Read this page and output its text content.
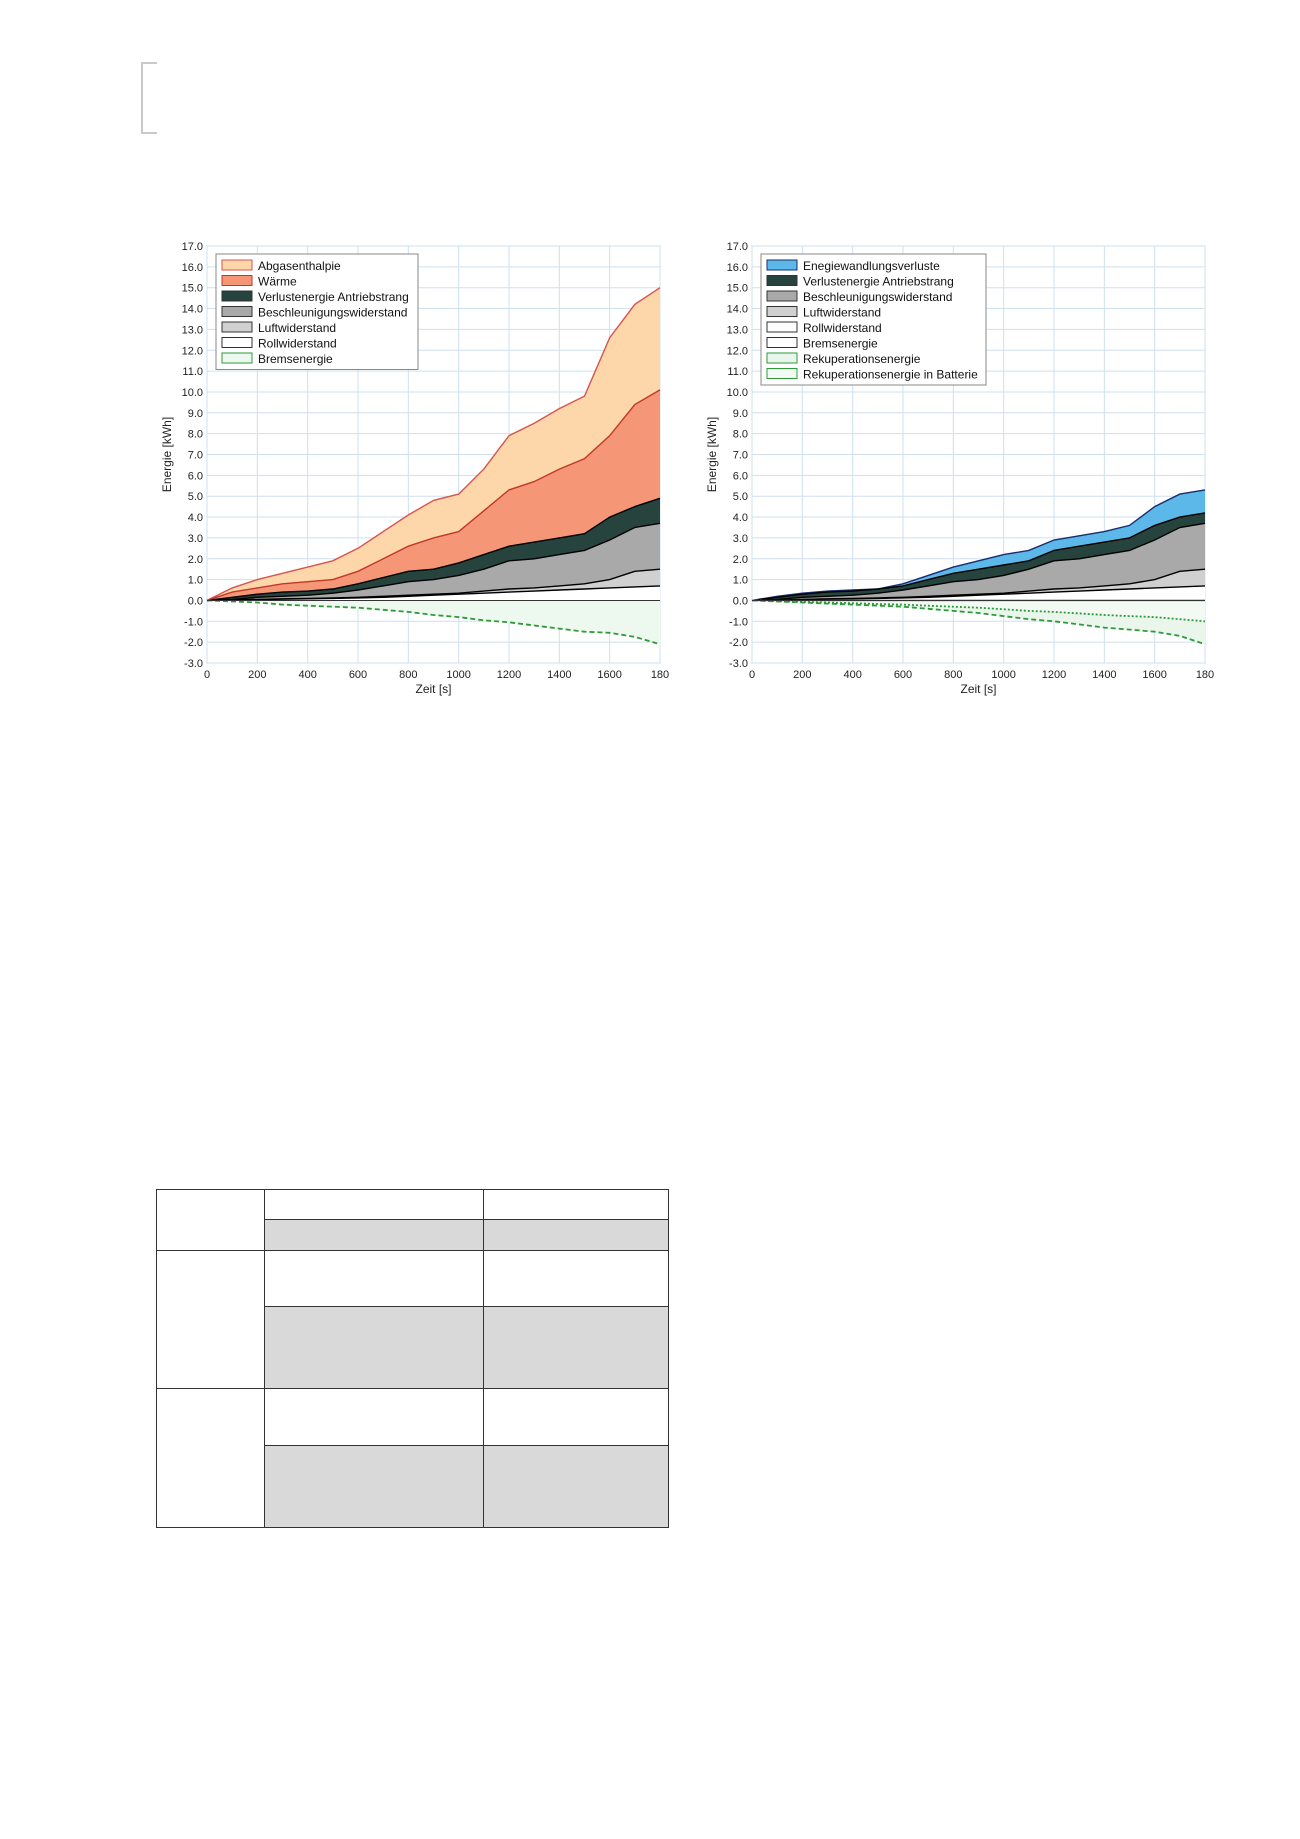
-3.0
-2.0
-1.0
0.0
1.0
2.0
3.0
4.0
5.0
6.0
7.0
8.0
9.0
10.0
11.0
12.0
13.0
14.0
15.0
16.0
17.0
0	200	400	600	800	1000 1200 1400 1600	180
Zeit [s]
Energie [kWh]
Abgasenthalpie
Wärme
Verlustenergie Antriebstrang
Beschleunigungswiderstand
Luftwiderstand
Rollwiderstand
Bremsenergie
-3.0
-2.0
-1.0
0.0
1.0
2.0
3.0
4.0
5.0
6.0
7.0
8.0
9.0
10.0
11.0
12.0
13.0
14.0
15.0
16.0
17.0
0	200	400	600	800	1000 1200 1400 1600	180
Zeit [s]
Energie [kWh]
Enegiewandlungsverluste
Verlustenergie Antriebstrang
Beschleunigungswiderstand
Luftwiderstand
Rollwiderstand
Bremsenergie
Rekuperationsenergie
Rekuperationsenergie in Batterie
